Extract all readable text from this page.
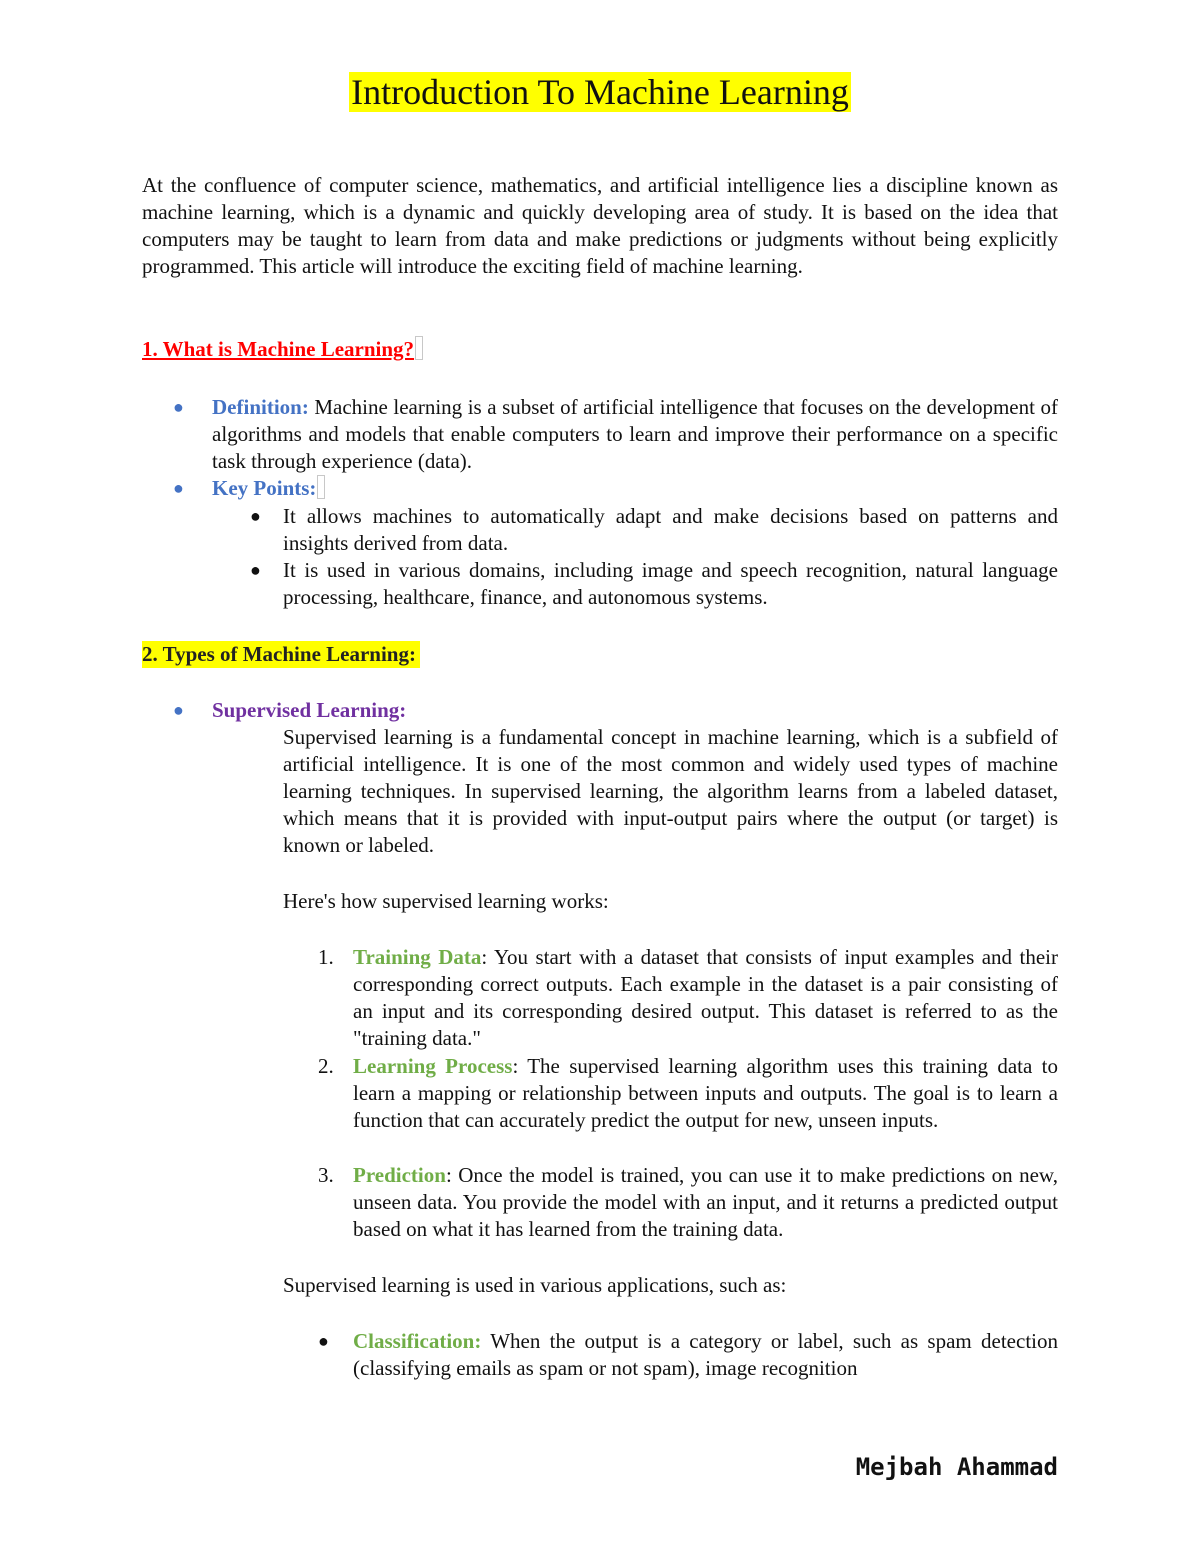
Introduction To Machine Learning

At the confluence of computer science, mathematics, and artificial intelligence lies a discipline known as machine learning, which is a dynamic and quickly developing area of study. It is based on the idea that computers may be taught to learn from data and make predictions or judgments without being explicitly programmed. This article will introduce the exciting field of machine learning.

1. What is Machine Learning?
● Definition: Machine learning is a subset of artificial intelligence that focuses on the development of algorithms and models that enable computers to learn and improve their performance on a specific task through experience (data).

● Key Points:

● It allows machines to automatically adapt and make decisions based on patterns and insights derived from data.

● It is used in various domains, including image and speech recognition, natural language processing, healthcare, finance, and autonomous systems.

2. Types of Machine Learning:
● Supervised Learning:

Supervised learning is a fundamental concept in machine learning, which is a subfield of artificial intelligence. It is one of the most common and widely used types of machine learning techniques. In supervised learning, the algorithm learns from a labeled dataset, which means that it is provided with input-output pairs where the output (or target) is known or labeled.

Here's how supervised learning works:

1. Training Data: You start with a dataset that consists of input examples and their corresponding correct outputs. Each example in the dataset is a pair consisting of an input and its corresponding desired output. This dataset is referred to as the "training data."

2. Learning Process: The supervised learning algorithm uses this training data to learn a mapping or relationship between inputs and outputs. The goal is to learn a function that can accurately predict the output for new, unseen inputs.

3. Prediction: Once the model is trained, you can use it to make predictions on new, unseen data. You provide the model with an input, and it returns a predicted output based on what it has learned from the training data.

Supervised learning is used in various applications, such as:

● Classification: When the output is a category or label, such as spam detection (classifying emails as spam or not spam), image recognition

Mejbah Ahammad
